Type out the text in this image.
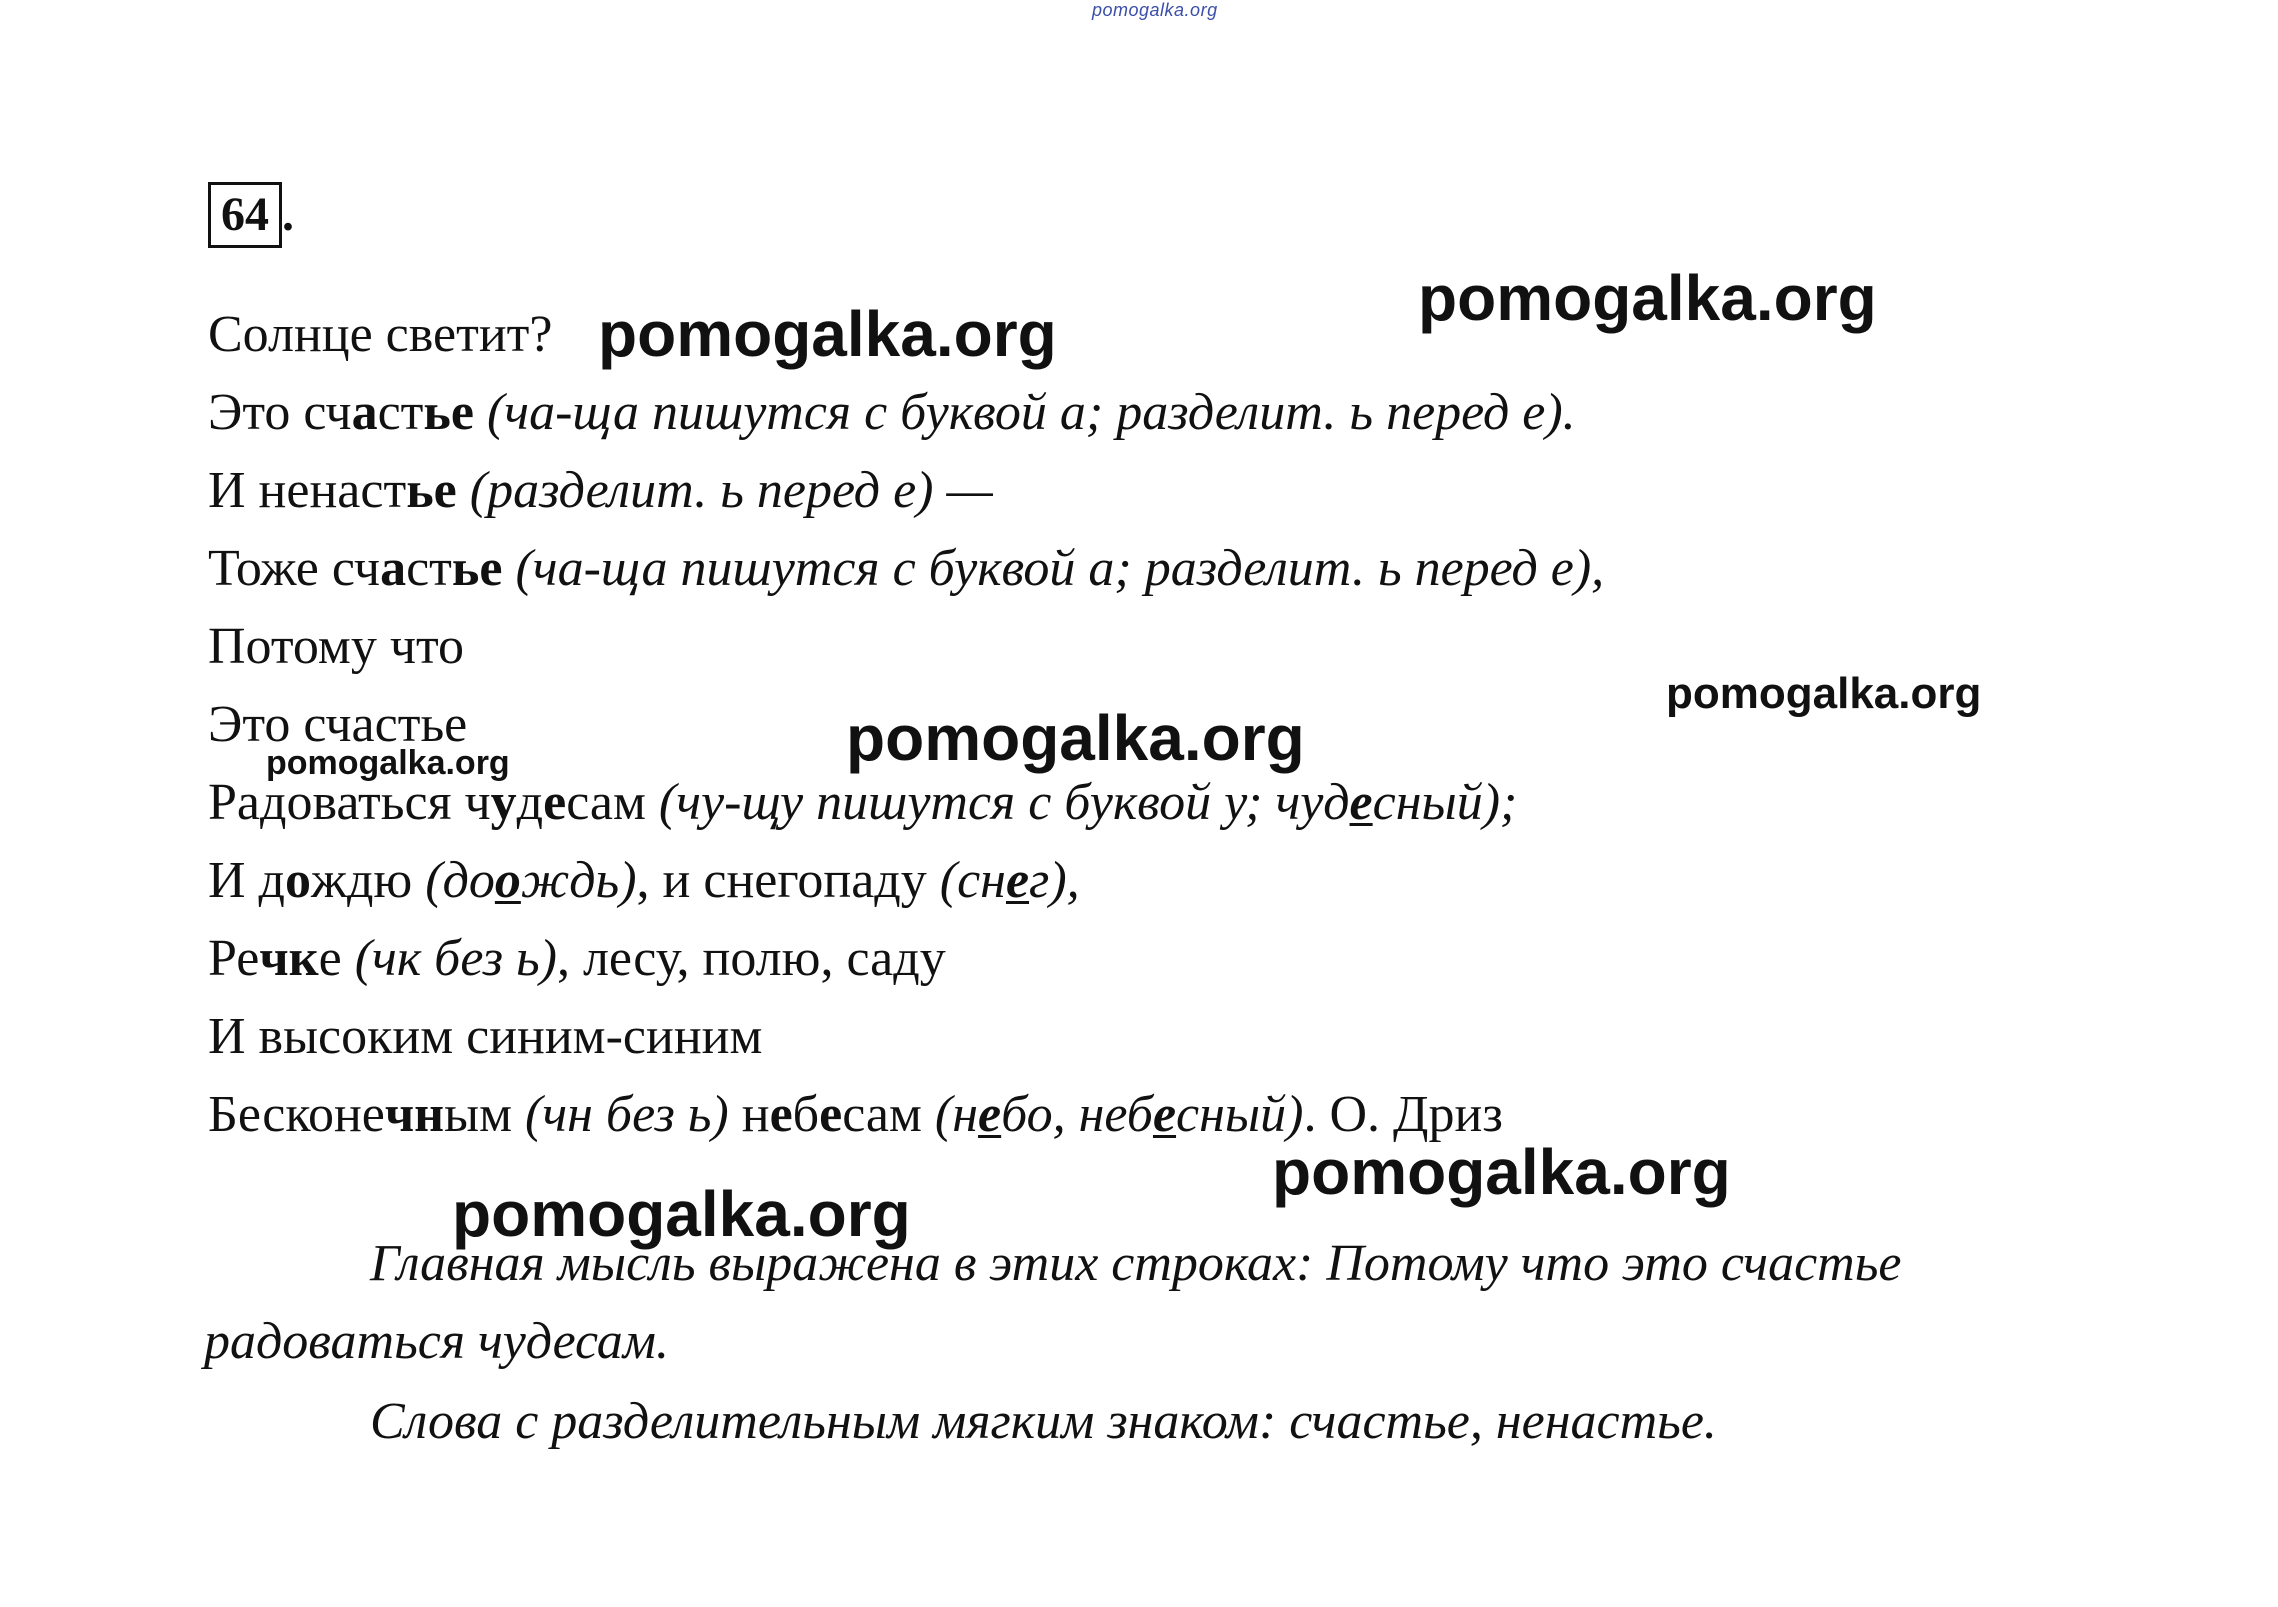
pomogalka.org
64 .
Солнце светит?
Это счастье (ча-ща пишутся с буквой а; разделит. ь перед е).
И ненастье (разделит. ь перед е) —
Тоже счастье (ча-ща пишутся с буквой а; разделит. ь перед е),
Потому что
Это счастье
Радоваться чудесам (чу-щу пишутся с буквой у; чудесный);
И дождю (доождь), и снегопаду (снег),
Речке (чк без ь), лесу, полю, саду
И высоким синим-синим
Бесконечным (чн без ь) небесам (небо, небесный). О. Дриз
Главная мысль выражена в этих строках: Потому что это счастье радоваться чудесам.
Слова с разделительным мягким знаком: счастье, ненастье.
pomogalka.org
pomogalka.org
pomogalka.org
pomogalka.org
pomogalka.org
pomogalka.org
pomogalka.org
